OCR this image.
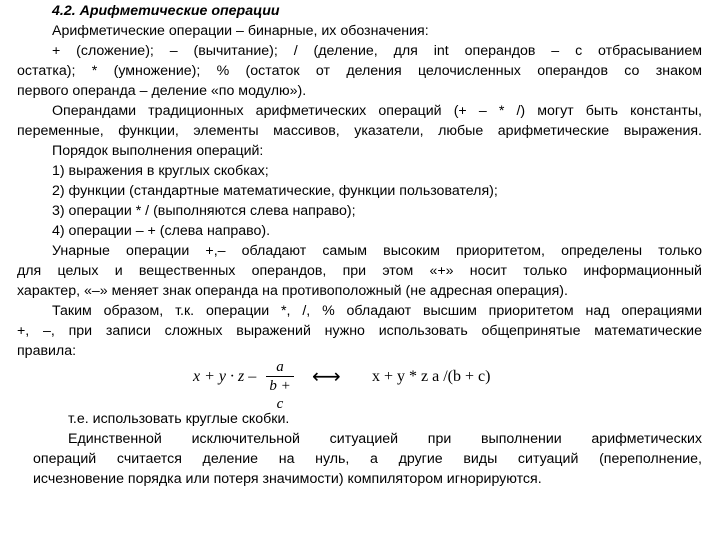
4.2. Арифметические операции
Арифметические операции – бинарные, их обозначения:
+ (сложение); – (вычитание); / (деление, для int операндов – с отбрасыванием
остатка); * (умножение); % (остаток от деления целочисленных операндов со знаком
первого операнда – деление «по модулю»).
Операндами традиционных арифметических операций (+ – * /) могут быть константы,
переменные, функции, элементы массивов, указатели, любые арифметические выражения.
Порядок выполнения операций:
1) выражения в круглых скобках;
2) функции (стандартные математические, функции пользователя);
3) операции * / (выполняются слева направо);
4) операции – + (слева направо).
Унарные операции +,– обладают самым высоким приоритетом, определены только
для целых и вещественных операндов, при этом «+» носит только информационный
характер, «–» меняет знак операнда на противоположный (не адресная операция).
Таким образом, т.к. операции *, /, % обладают высшим приоритетом над операциями
+, –, при записи сложных выражений нужно использовать общепринятые математические
правила:
$x + y \cdot z - \frac{a}{b + c}$ ⟷ x + y * z a /(b + c)
т.е. использовать круглые скобки.
Единственной исключительной ситуацией при выполнении арифметических
операций считается деление на нуль, а другие виды ситуаций (переполнение,
исчезновение порядка или потеря значимости) компилятором игнорируются.
